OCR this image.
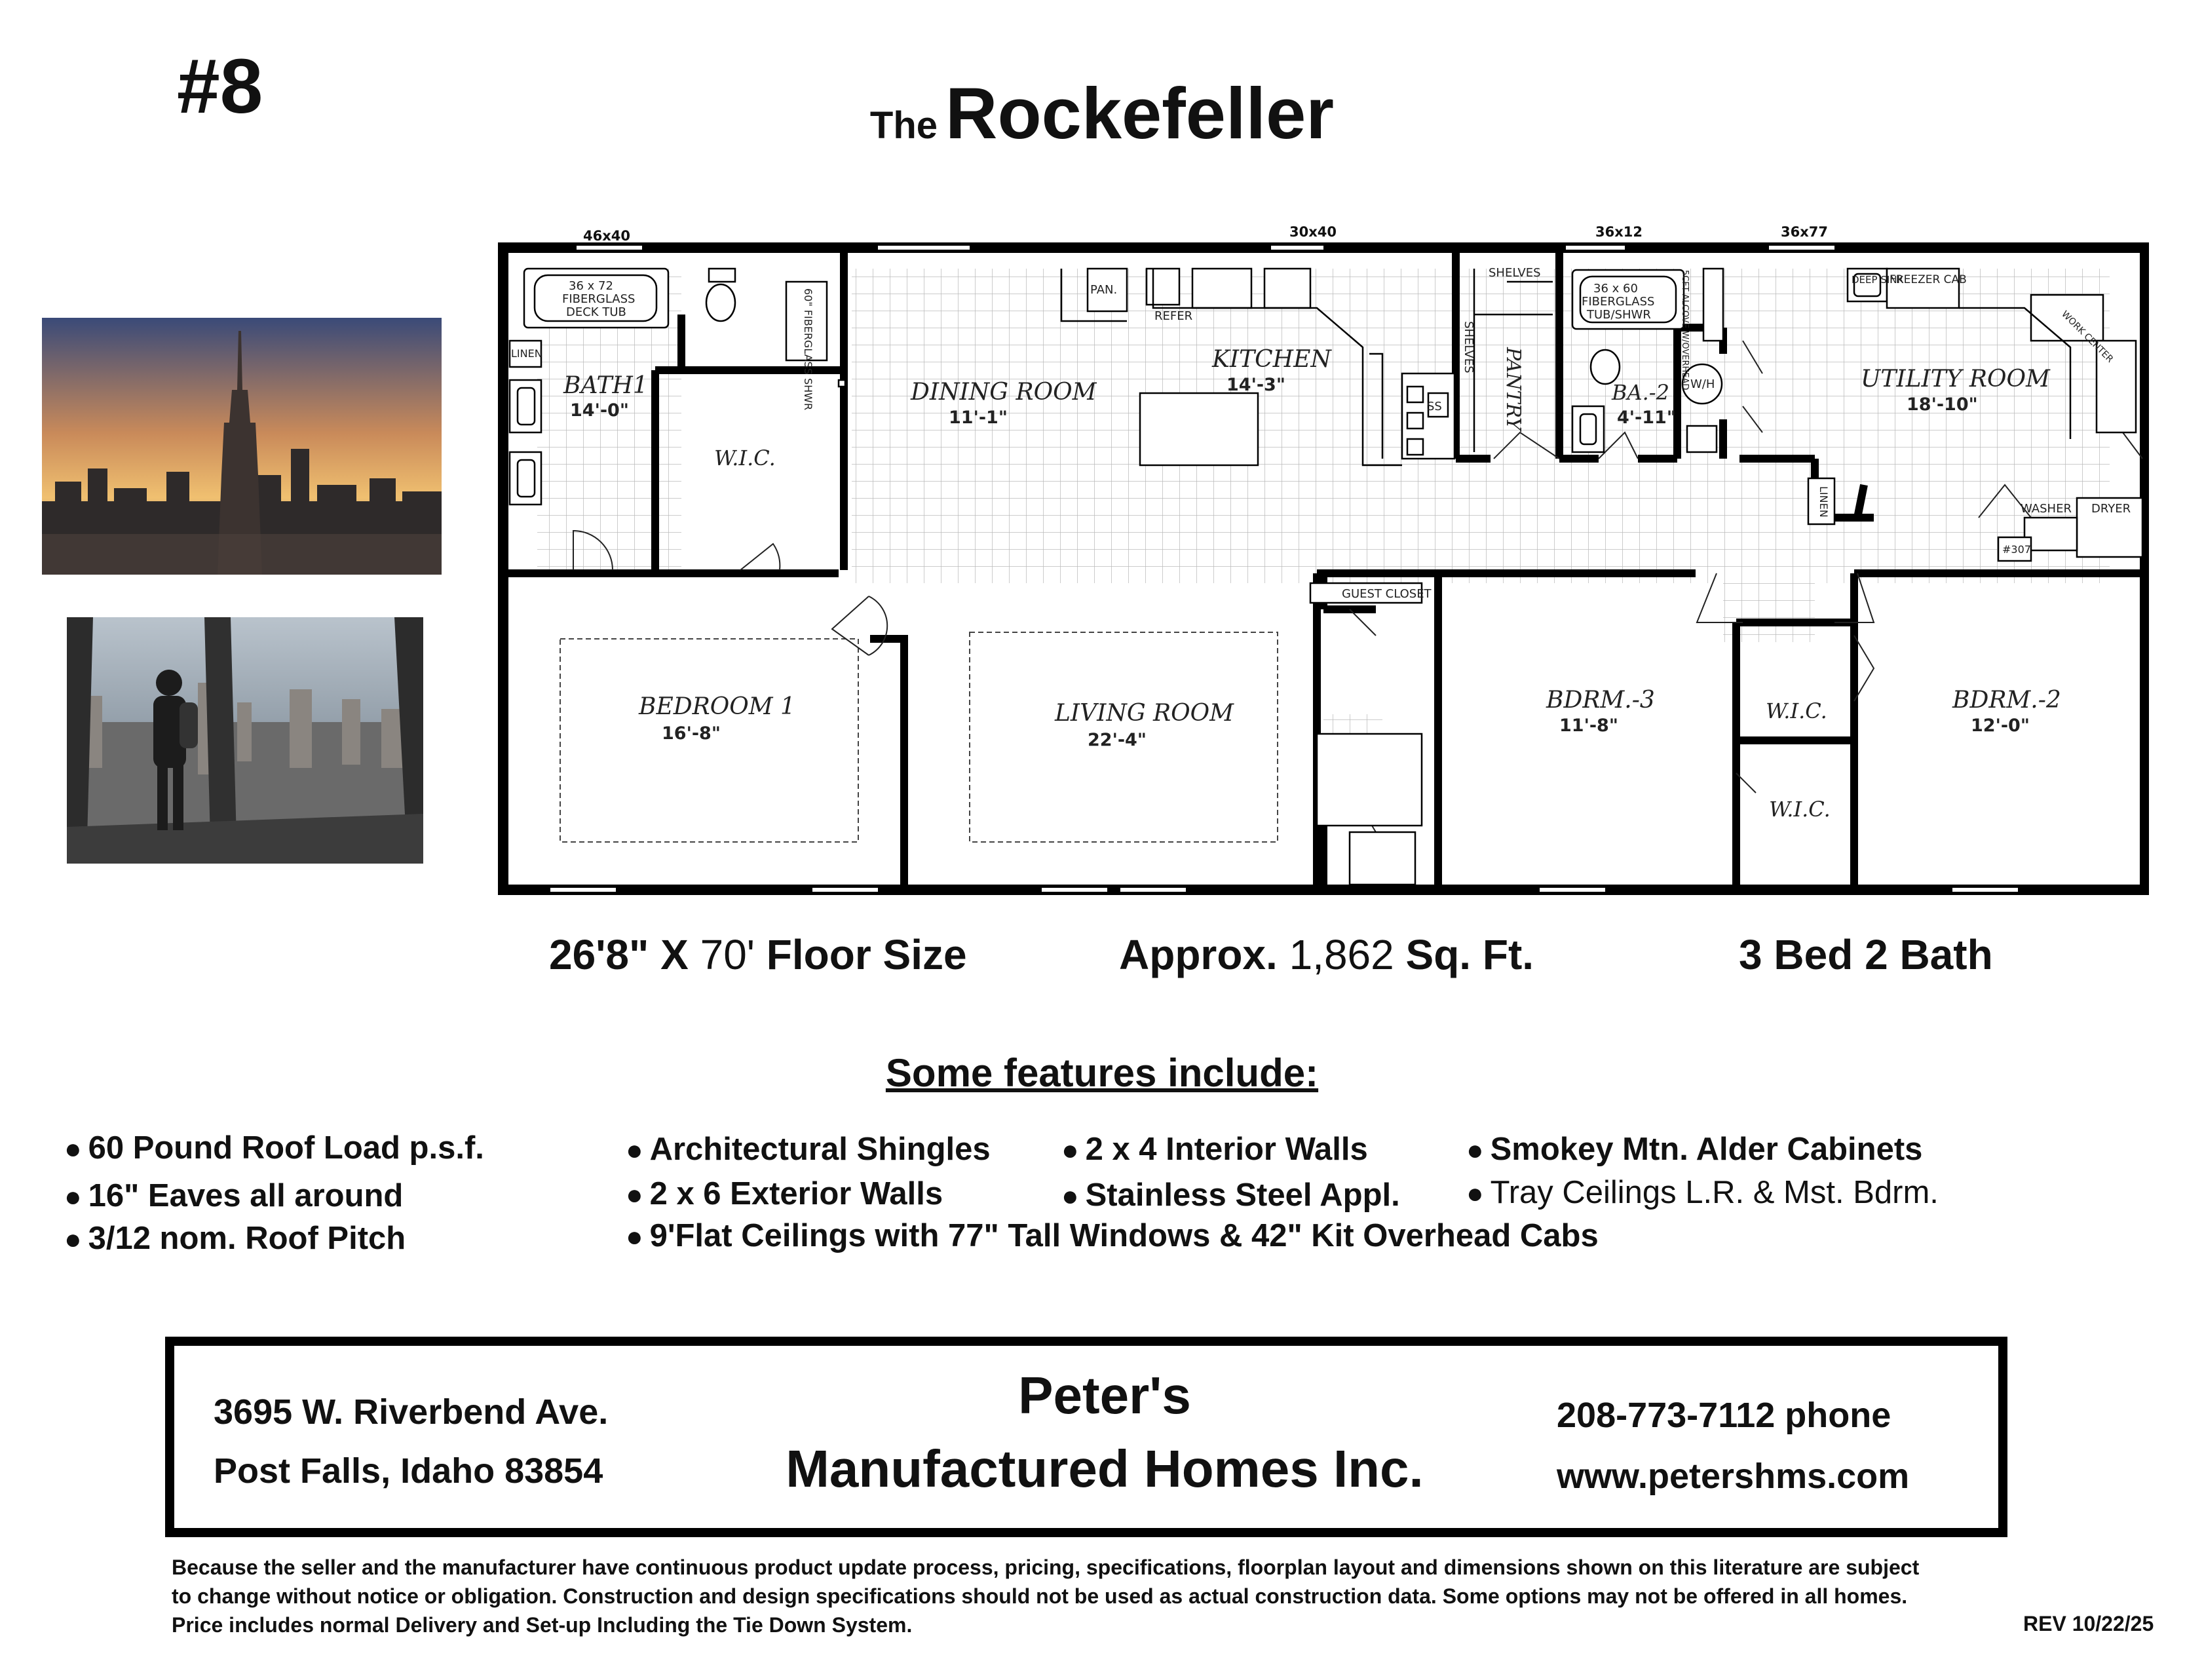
#8	The Rockefeller
46x40	30x40	36x12	36x77
BATH1
14'-0"
36 x 72
FIBERGLASS
DECK TUB
LINEN	60" FIBERGLASS SHWR
W.I.C.
DINING ROOM
11'-1"
KITCHEN
14'-3"
PAN.
REFER
SS
SHELVES
SHELVES
PANTRY
36 x 60
FIBERGLASS
TUB/SHWR
BA.-2
4'-11"
W/H
5CFT ALCOVE W/OVERHEAD	UTILITY ROOM
18'-10"
DEEP SINK
FREEZER CAB
WORK CENTER
WASHER DRYER
#307
LINEN
BEDROOM 1
16'-8"
LIVING ROOM
22'-4"
GUEST CLOSET
BDRM.-3
11'-8"
W.I.C.
W.I.C.
BDRM.-2
12'-0"
26'8" X 70' Floor Size	Approx. 1,862 Sq. Ft.	3 Bed 2 Bath
Some features include:
● 60 Pound Roof Load p.s.f.
● 16" Eaves all around
● 3/12 nom. Roof Pitch
● Architectural Shingles
● 2 x 6 Exterior Walls
● 9'Flat Ceilings with 77" Tall Windows & 42" Kit Overhead Cabs
● 2 x 4 Interior Walls
● Stainless Steel Appl.
● Smokey Mtn. Alder Cabinets
● Tray Ceilings L.R. & Mst. Bdrm.
3695 W. Riverbend Ave.
Post Falls, Idaho 83854
Peter's
Manufactured Homes Inc.
208-773-7112 phone
www.petershms.com
Because the seller and the manufacturer have continuous product update process, pricing, specifications, floorplan layout and dimensions shown on this literature are subject
to change without notice or obligation. Construction and design specifications should not be used as actual construction data. Some options may not be offered in all homes.
Price includes normal Delivery and Set-up Including the Tie Down System.	REV 10/22/25
